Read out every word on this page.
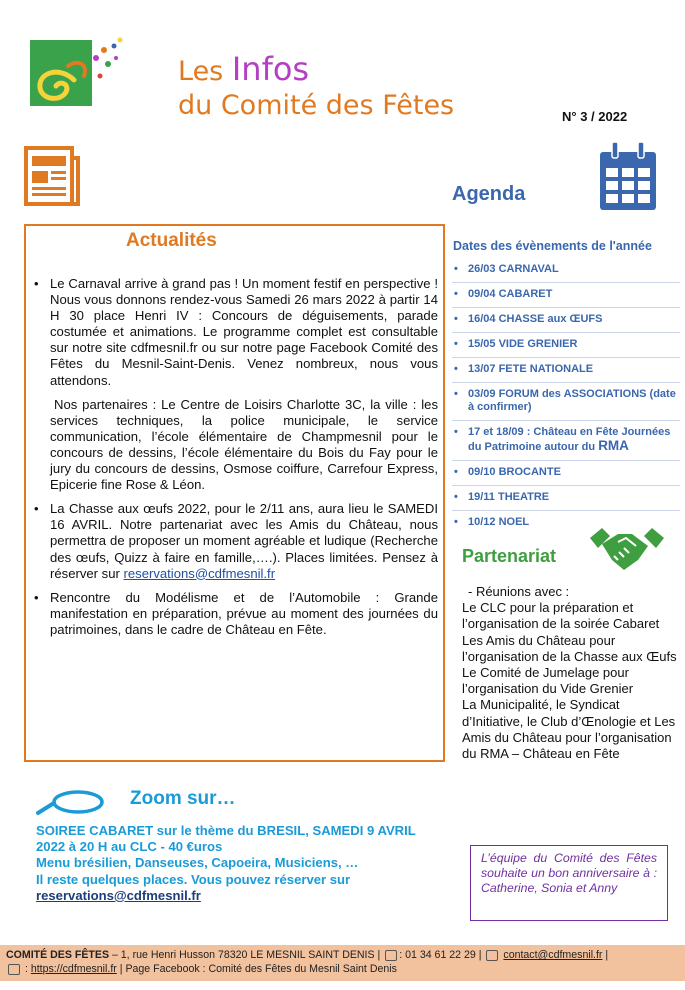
Les Infos
du Comité des Fêtes	N° 3 / 2022
Agenda
Actualités
• Le Carnaval arrive à grand pas ! Un moment festif en perspective ! Nous vous donnons rendez-vous Samedi 26 mars 2022 à partir 14 H 30 place Henri IV : Concours de déguisements, parade costumée et animations. Le programme complet est consultable sur notre site cdfmesnil.fr ou sur notre page Facebook Comité des Fêtes du Mesnil-Saint-Denis. Venez nombreux, nous vous attendons.
Nos partenaires : Le Centre de Loisirs Charlotte 3C, la ville : les services techniques, la police municipale, le service communication, l’école élémentaire de Champmesnil pour le concours de dessins, l’école élémentaire du Bois du Fay pour le jury du concours de dessins, Osmose coiffure, Carrefour Express, Epicerie fine Rose & Léon.
• La Chasse aux œufs 2022, pour le 2/11 ans, aura lieu le SAMEDI 16 AVRIL. Notre partenariat avec les Amis du Château, nous permettra de proposer un moment agréable et ludique (Recherche des œufs, Quizz à faire en famille,….). Places limitées. Pensez à réserver sur reservations@cdfmesnil.fr
• Rencontre du Modélisme et de l’Automobile : Grande manifestation en préparation, prévue au moment des journées du patrimoines, dans le cadre de Château en Fête.
Dates des évènements de l'année
• 26/03 CARNAVAL
• 09/04 CABARET
• 16/04 CHASSE aux ŒUFS
• 15/05 VIDE GRENIER
• 13/07 FETE NATIONALE
• 03/09 FORUM des ASSOCIATIONS (date à confirmer)
• 17 et 18/09 : Château en Fête Journées du Patrimoine autour du RMA
• 09/10 BROCANTE
• 19/11 THEATRE
• 10/12 NOEL
Partenariat
- Réunions avec :
Le CLC pour la préparation et l’organisation de la soirée Cabaret
Les Amis du Château pour l’organisation de la Chasse aux Œufs
Le Comité de Jumelage pour l’organisation du Vide Grenier
La Municipalité, le Syndicat d’Initiative, le Club d’Œnologie et Les Amis du Château pour l’organisation du RMA – Château en Fête
L’équipe du Comité des Fêtes souhaite un bon anniversaire à : Catherine, Sonia et Anny
Zoom sur…
SOIREE CABARET sur le thème du BRESIL, SAMEDI 9 AVRIL 2022 à 20 H au CLC - 40 €uros
Menu brésilien, Danseuses, Capoeira, Musiciens, …
Il reste quelques places. Vous pouvez réserver sur
reservations@cdfmesnil.fr
COMITÉ DES FÊTES – 1, rue Henri Husson 78320 LE MESNIL SAINT DENIS | : 01 34 61 22 29 |  contact@cdfmesnil.fr |
: https://cdfmesnil.fr | Page Facebook : Comité des Fêtes du Mesnil Saint Denis
